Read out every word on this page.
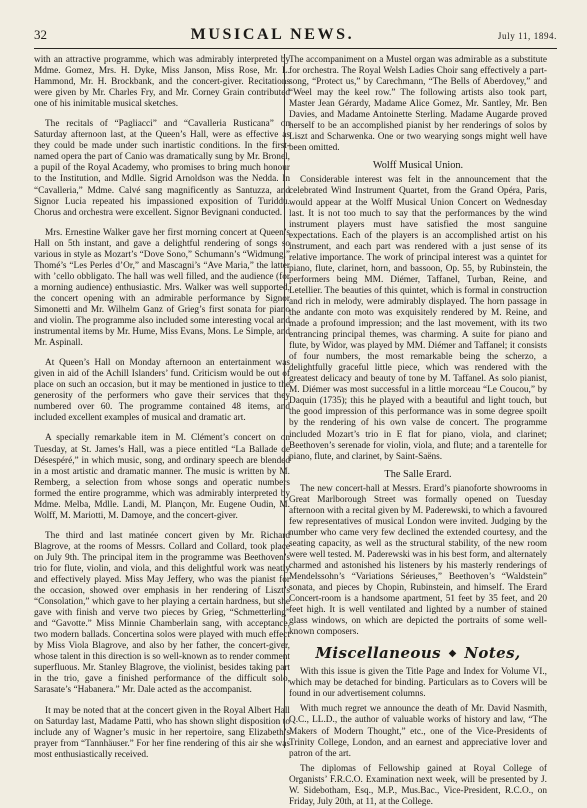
32	MUSICAL NEWS.	July 11, 1894.

with an attractive programme, which was admirably interpreted by Mdme. Gomez, Mrs. H. Dyke, Miss Janson, Miss Rose, Mr. L. Hammond, Mr. H. Brockbank, and the concert-giver. Recitations were given by Mr. Charles Fry, and Mr. Corney Grain contributed one of his inimitable musical sketches.

The recitals of “Pagliacci” and “Cavalleria Rusticana” on Saturday afternoon last, at the Queen’s Hall, were as effective as they could be made under such inartistic conditions. In the first-named opera the part of Canio was dramatically sung by Mr. Bronel, a pupil of the Royal Academy, who promises to bring much honour to the Institution, and Mdlle. Sigrid Arnoldson was the Nedda. In “Cavalleria,” Mdme. Calvé sang magnificently as Santuzza, and Signor Lucia repeated his impassioned exposition of Turiddu. Chorus and orchestra were excellent. Signor Bevignani conducted.

Mrs. Ernestine Walker gave her first morning concert at Queen’s Hall on 5th instant, and gave a delightful rendering of songs so various in style as Mozart’s “Dove Sono,” Schumann’s “Widmung,” Thomé’s “Les Perles d’Or,” and Mascagni’s “Ave Maria,” the latter with ’cello obbligato. The hall was well filled, and the audience (for a morning audience) enthusiastic. Mrs. Walker was well supported, the concert opening with an admirable performance by Signor Simonetti and Mr. Wilhelm Ganz of Grieg’s first sonata for piano and violin. The programme also included some interesting vocal and instrumental items by Mr. Hume, Miss Evans, Mons. Le Simple, and Mr. Aspinall.

At Queen’s Hall on Monday afternoon an entertainment was given in aid of the Achill Islanders’ fund. Criticism would be out of place on such an occasion, but it may be mentioned in justice to the generosity of the performers who gave their services that they numbered over 60. The programme contained 48 items, and included excellent examples of musical and dramatic art.

A specially remarkable item in M. Clément’s concert on on Tuesday, at St. James’s Hall, was a piece entitled “La Ballade de Désespéré,” in which music, song, and ordinary speech are blended in a most artistic and dramatic manner. The music is written by M. Remberg, a selection from whose songs and operatic numbers formed the entire programme, which was admirably interpreted by Mdme. Melba, Mdlle. Landi, M. Plançon, Mr. Eugene Oudin, M. Wolff, M. Mariotti, M. Damoye, and the concert-giver.

The third and last matinée concert given by Mr. Richard Blagrove, at the rooms of Messrs. Collard and Collard, took place on July 9th. The principal item in the programme was Beethoven’s trio for flute, violin, and viola, and this delightful work was neatly and effectively played. Miss May Jeffery, who was the pianist for the occasion, showed over emphasis in her rendering of Liszt’s “Consolation,” which gave to her playing a certain hardness, but she gave with finish and verve two pieces by Grieg, “Schmetterling” and “Gavotte.” Miss Minnie Chamberlain sang, with acceptance, two modern ballads. Concertina solos were played with much effect by Miss Viola Blagrove, and also by her father, the concert-giver, whose talent in this direction is so well-known as to render comment superfluous. Mr. Stanley Blagrove, the violinist, besides taking part in the trio, gave a finished performance of the difficult solo, Sarasate’s “Habanera.” Mr. Dale acted as the accompanist.

It may be noted that at the concert given in the Royal Albert Hall on Saturday last, Madame Patti, who has shown slight disposition to include any of Wagner’s music in her repertoire, sang Elizabeth’s prayer from “Tannhäuser.” For her fine rendering of this air she was most enthusiastically received.

The accompaniment on a Mustel organ was admirable as a substitute for orchestra. The Royal Welsh Ladies Choir sang effectively a part-song, “Protect us,” by Carechmann, “The Bells of Aberdovey,” and “Weel may the keel row.” The following artists also took part, Master Jean Gérardy, Madame Alice Gomez, Mr. Santley, Mr. Ben Davies, and Madame Antoinette Sterling. Madame Augarde proved herself to be an accomplished pianist by her renderings of solos by Liszt and Scharwenka. One or two wearying songs might well have been omitted.

Wolff Musical Union.

Considerable interest was felt in the announcement that the celebrated Wind Instrument Quartet, from the Grand Opéra, Paris, would appear at the Wolff Musical Union Concert on Wednesday last. It is not too much to say that the performances by the wind instrument players must have satisfied the most sanguine expectations. Each of the players is an accomplished artist on his instrument, and each part was rendered with a just sense of its relative importance. The work of principal interest was a quintet for piano, flute, clarinet, horn, and bassoon, Op. 55, by Rubinstein, the performers being MM. Diémer, Taffanel, Turban, Reine, and Letellier. The beauties of this quintet, which is formal in construction and rich in melody, were admirably displayed. The horn passage in the andante con moto was exquisitely rendered by M. Reine, and made a profound impression; and the last movement, with its two entrancing principal themes, was charming. A suite for piano and flute, by Widor, was played by MM. Diémer and Taffanel; it consists of four numbers, the most remarkable being the scherzo, a delightfully graceful little piece, which was rendered with the greatest delicacy and beauty of tone by M. Taffanel. As solo pianist, M. Diémer was most successful in a little morceau “Le Coucou,” by Daquin (1735); this he played with a beautiful and light touch, but the good impression of this performance was in some degree spoilt by the rendering of his own valse de concert. The programme included Mozart’s trio in E flat for piano, viola, and clarinet; Beethoven’s serenade for violin, viola, and flute; and a tarentelle for piano, flute, and clarinet, by Saint-Saëns.

The Salle Erard.

The new concert-hall at Messrs. Erard’s pianoforte showrooms in Great Marlborough Street was formally opened on Tuesday afternoon with a recital given by M. Paderewski, to which a favoured few representatives of musical London were invited. Judging by the number who came very few declined the extended courtesy, and the seating capacity, as well as the structural stability, of the new room were well tested. M. Paderewski was in his best form, and alternately charmed and astonished his listeners by his masterly renderings of Mendelssohn’s “Variations Sérieuses,” Beethoven’s “Waldstein” sonata, and pieces by Chopin, Rubinstein, and himself. The Erard Concert-room is a handsome apartment, 51 feet by 35 feet, and 20 feet high. It is well ventilated and lighted by a number of stained glass windows, on which are depicted the portraits of some well-known composers.

Miscellaneous ◆ Notes,

With this issue is given the Title Page and Index for Volume VI., which may be detached for binding. Particulars as to Covers will be found in our advertisement columns.

With much regret we announce the death of Mr. David Nasmith, Q.C., LL.D., the author of valuable works of history and law, “The Makers of Modern Thought,” etc., one of the Vice-Presidents of Trinity College, London, and an earnest and appreciative lover and patron of the art.

The diplomas of Fellowship gained at Royal College of Organists’ F.R.C.O. Examination next week, will be presented by J. W. Sidebotham, Esq., M.P., Mus.Bac., Vice-President, R.C.O., on Friday, July 20th, at 11, at the College.
